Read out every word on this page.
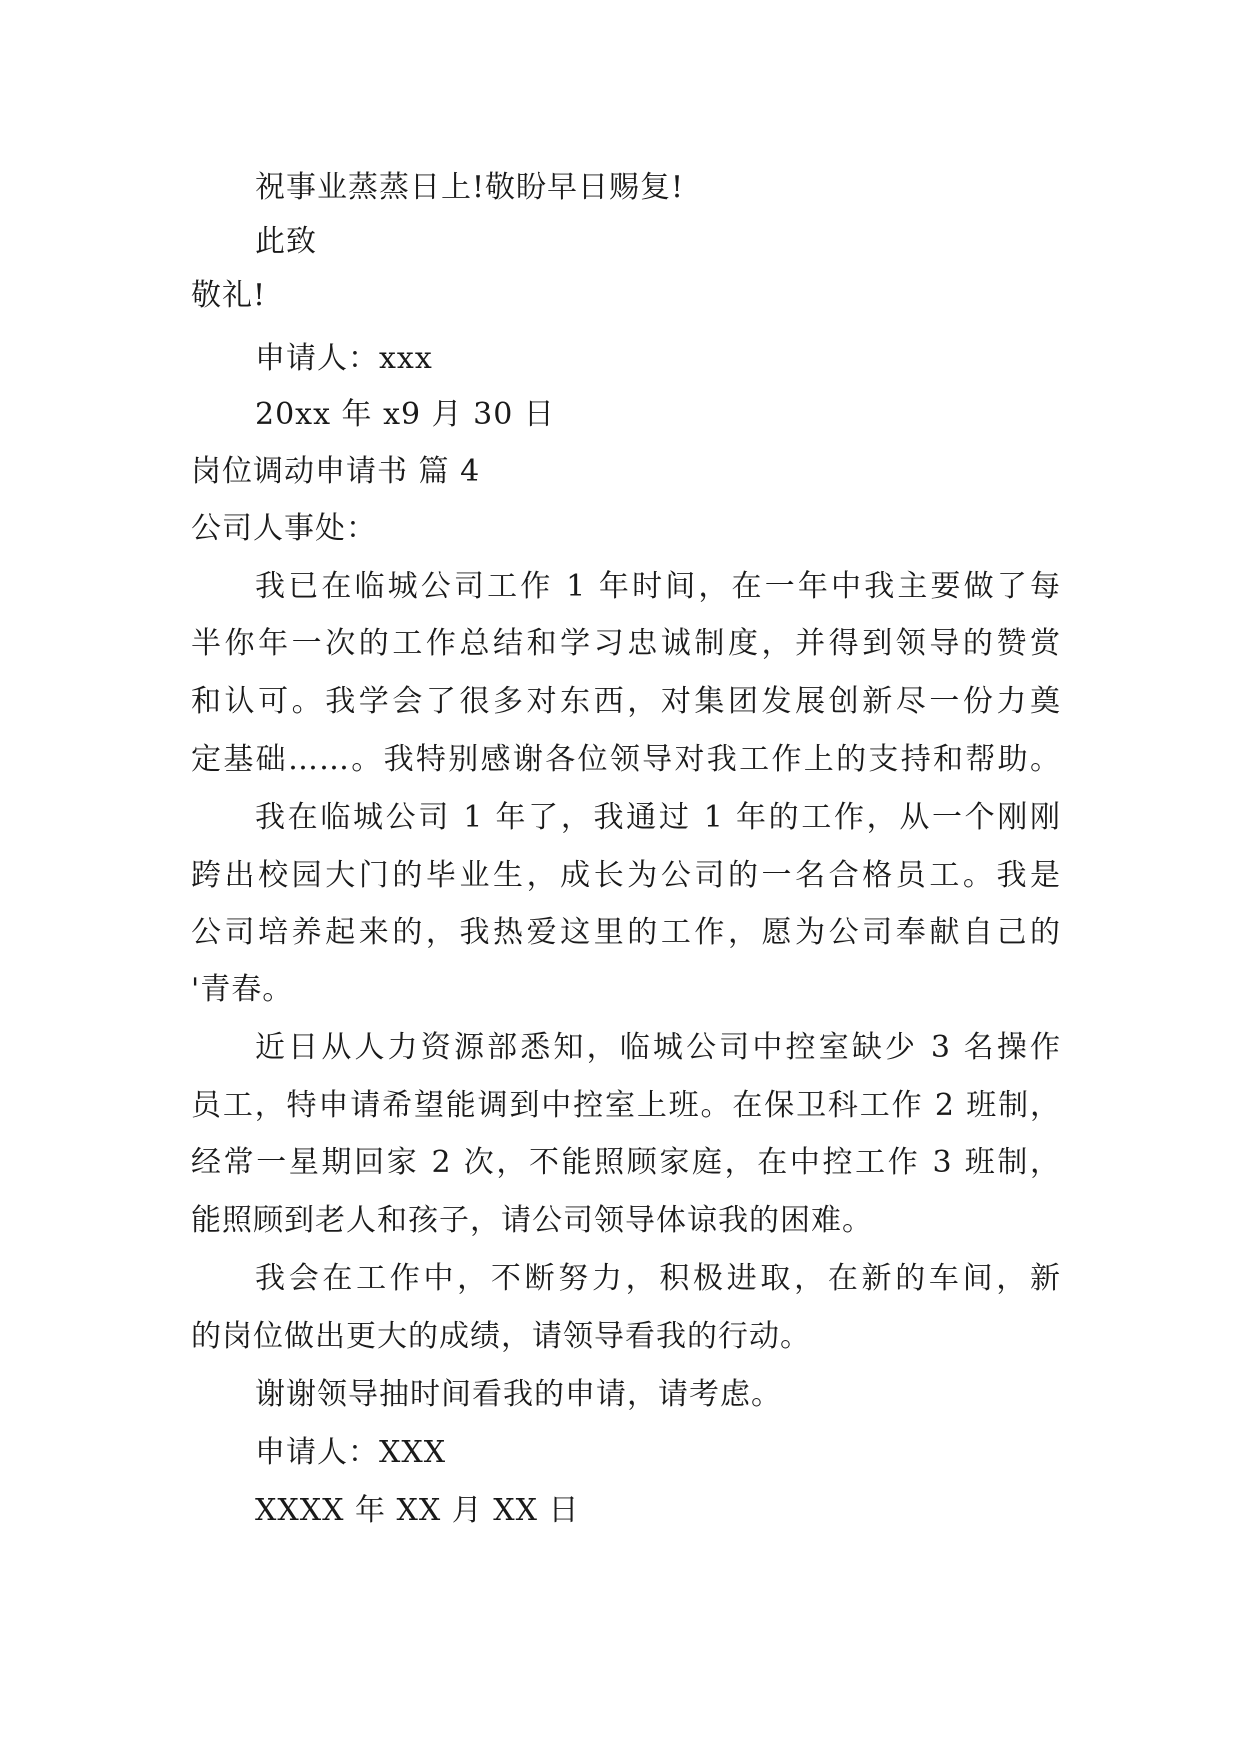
祝事业蒸蒸日上!敬盼早日赐复!
此致
敬礼!
申请人：xxx
20xx 年 x9 月 30 日
岗位调动申请书 篇 4
公司人事处：
我已在临城公司工作 1 年时间，在一年中我主要做了每
半你年一次的工作总结和学习忠诚制度，并得到领导的赞赏
和认可。我学会了很多对东西，对集团发展创新尽一份力奠
定基础……。我特别感谢各位领导对我工作上的支持和帮助。
我在临城公司 1 年了，我通过 1 年的工作，从一个刚刚
跨出校园大门的毕业生，成长为公司的一名合格员工。我是
公司培养起来的，我热爱这里的工作，愿为公司奉献自己的
'青春。
近日从人力资源部悉知，临城公司中控室缺少 3 名操作
员工，特申请希望能调到中控室上班。在保卫科工作 2 班制，
经常一星期回家 2 次，不能照顾家庭，在中控工作 3 班制，
能照顾到老人和孩子，请公司领导体谅我的困难。
我会在工作中，不断努力，积极进取，在新的车间，新
的岗位做出更大的成绩，请领导看我的行动。
谢谢领导抽时间看我的申请，请考虑。
申请人：XXX
XXXX 年 XX 月 XX 日
